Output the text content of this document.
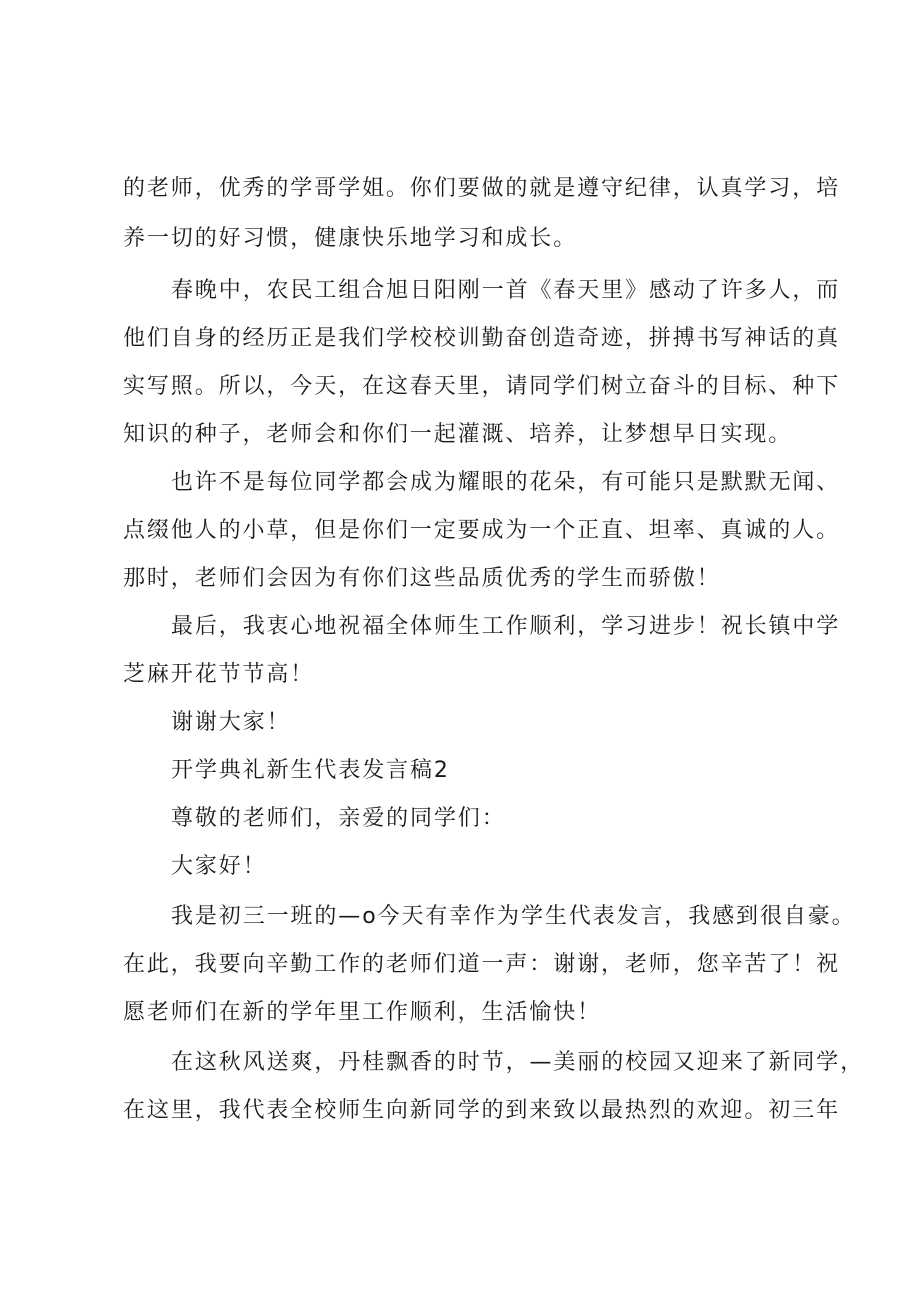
的老师，优秀的学哥学姐。你们要做的就是遵守纪律，认真学习，培
养一切的好习惯，健康快乐地学习和成长。
春晚中，农民工组合旭日阳刚一首《春天里》感动了许多人，而
他们自身的经历正是我们学校校训勤奋创造奇迹，拼搏书写神话的真
实写照。所以，今天，在这春天里，请同学们树立奋斗的目标、种下
知识的种子，老师会和你们一起灌溉、培养，让梦想早日实现。
也许不是每位同学都会成为耀眼的花朵，有可能只是默默无闻、
点缀他人的小草，但是你们一定要成为一个正直、坦率、真诚的人。
那时，老师们会因为有你们这些品质优秀的学生而骄傲！
最后，我衷心地祝福全体师生工作顺利，学习进步！祝长镇中学
芝麻开花节节高！
谢谢大家！
开学典礼新生代表发言稿2
尊敬的老师们，亲爱的同学们：
大家好！
我是初三一班的—o今天有幸作为学生代表发言，我感到很自豪。
在此，我要向辛勤工作的老师们道一声：谢谢，老师，您辛苦了！祝
愿老师们在新的学年里工作顺利，生活愉快！
在这秋风送爽，丹桂飘香的时节，—美丽的校园又迎来了新同学，
在这里，我代表全校师生向新同学的到来致以最热烈的欢迎。初三年
